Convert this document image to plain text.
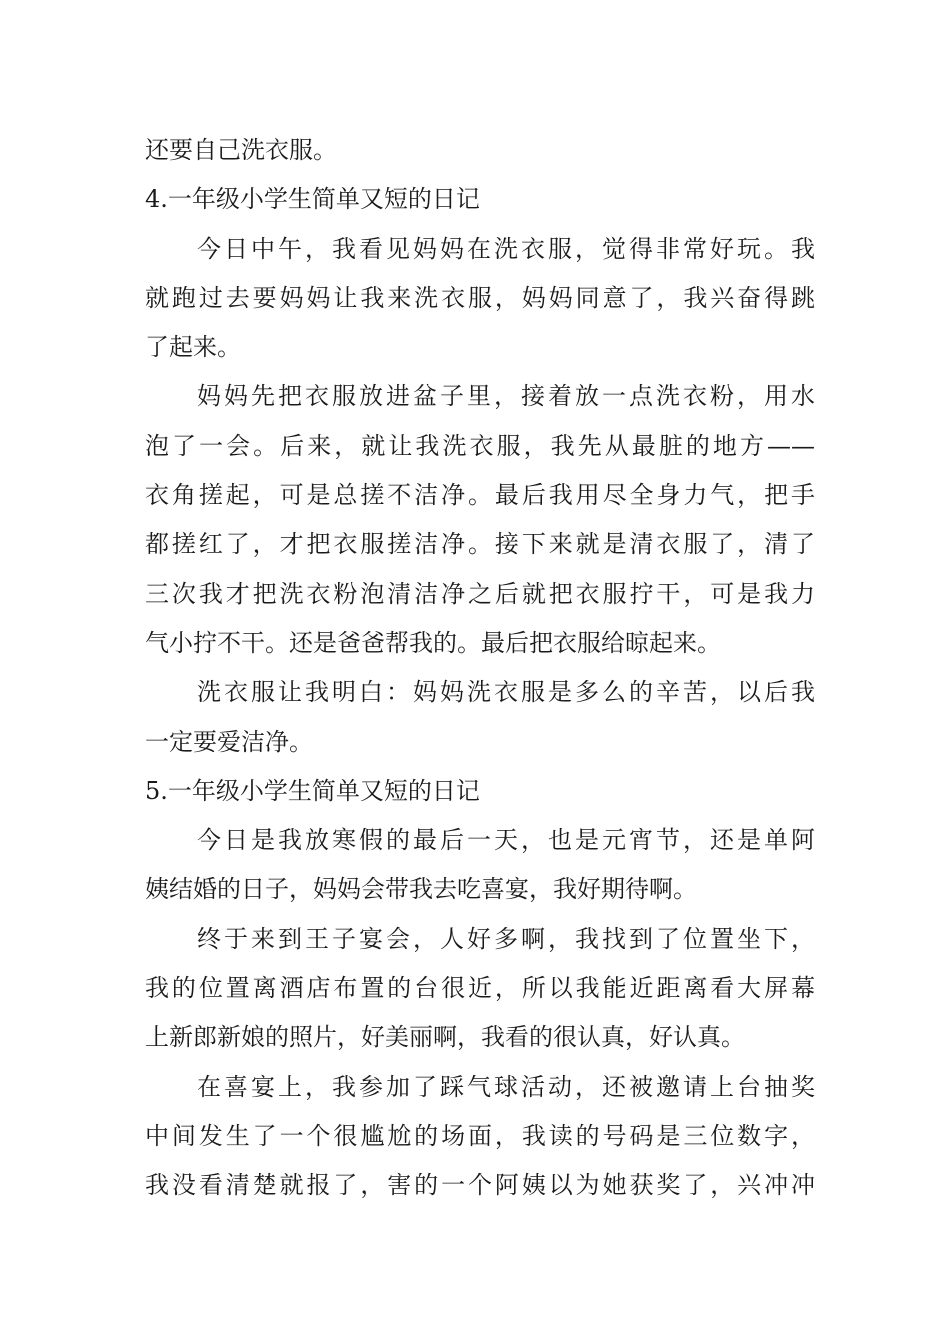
还要自己洗衣服。
4.一年级小学生简单又短的日记
今日中午，我看见妈妈在洗衣服，觉得非常好玩。我
就跑过去要妈妈让我来洗衣服，妈妈同意了，我兴奋得跳
了起来。
妈妈先把衣服放进盆子里，接着放一点洗衣粉，用水
泡了一会。后来，就让我洗衣服，我先从最脏的地方——
衣角搓起，可是总搓不洁净。最后我用尽全身力气，把手
都搓红了，才把衣服搓洁净。接下来就是清衣服了，清了
三次我才把洗衣粉泡清洁净之后就把衣服拧干，可是我力
气小拧不干。还是爸爸帮我的。最后把衣服给晾起来。
洗衣服让我明白：妈妈洗衣服是多么的辛苦，以后我
一定要爱洁净。
5.一年级小学生简单又短的日记
今日是我放寒假的最后一天，也是元宵节，还是单阿
姨结婚的日子，妈妈会带我去吃喜宴，我好期待啊。
终于来到王子宴会，人好多啊，我找到了位置坐下，
我的位置离酒店布置的台很近，所以我能近距离看大屏幕
上新郎新娘的照片，好美丽啊，我看的很认真，好认真。
在喜宴上，我参加了踩气球活动，还被邀请上台抽奖
中间发生了一个很尴尬的场面，我读的号码是三位数字，
我没看清楚就报了，害的一个阿姨以为她获奖了，兴冲冲
